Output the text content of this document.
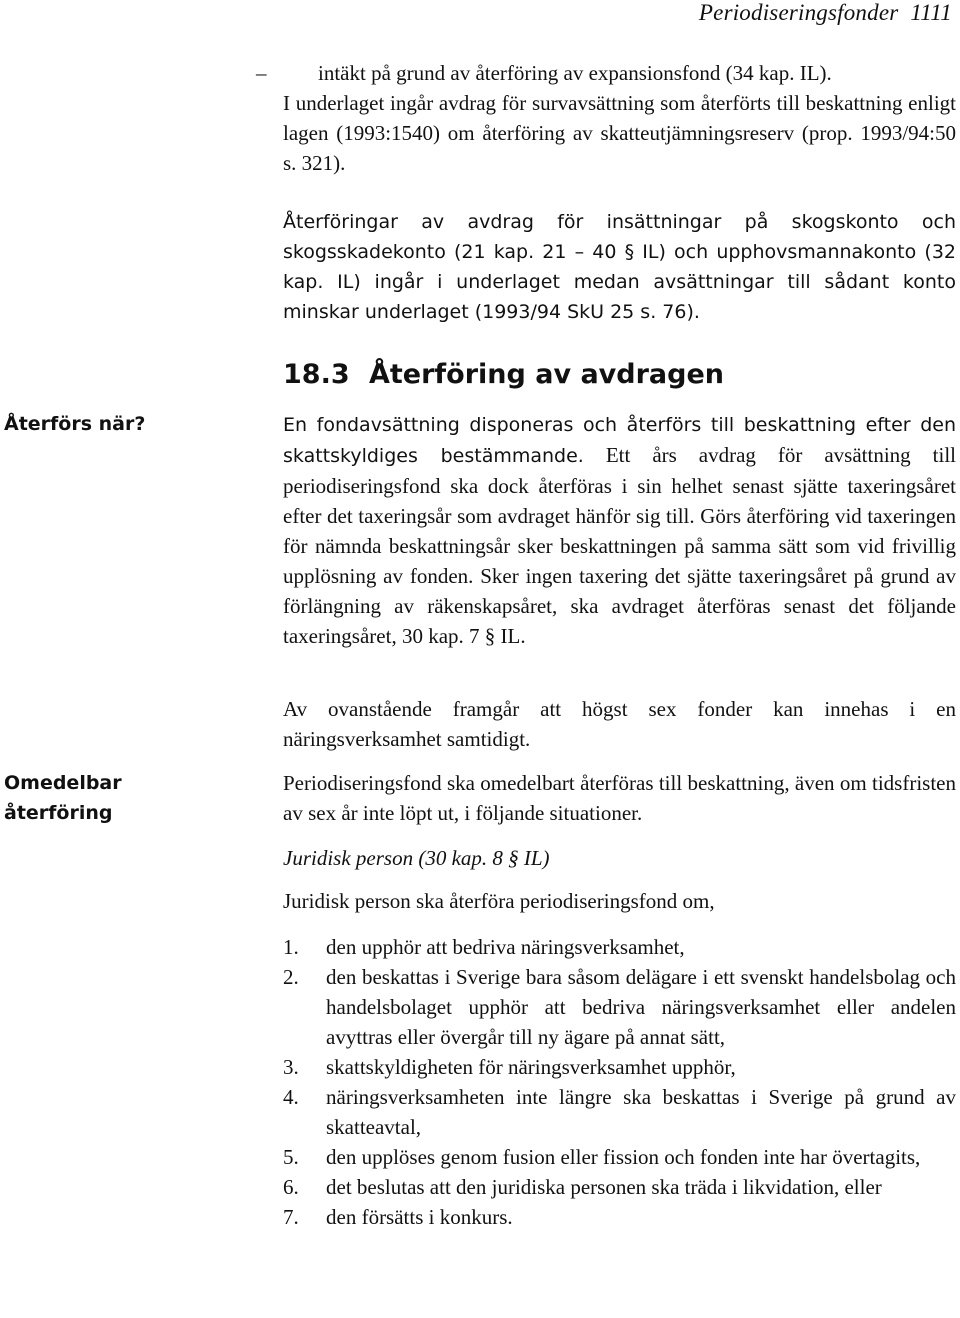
Periodiseringsfonder 1111
– intäkt på grund av återföring av expansionsfond (34 kap. IL).
I underlaget ingår avdrag för survavsättning som återförts till beskattning enligt lagen (1993:1540) om återföring av skatteutjämningsreserv (prop. 1993/94:50 s. 321).
Återföringar av avdrag för insättningar på skogskonto och skogsskadekonto (21 kap. 21 – 40 § IL) och upphovsmannakonto (32 kap. IL) ingår i underlaget medan avsättningar till sådant konto minskar underlaget (1993/94 SkU 25 s. 76).
18.3 Återföring av avdragen
Återförs när?	En fondavsättning disponeras och återförs till beskattning efter den skattskyldiges bestämmande. Ett års avdrag för avsättning till periodiseringsfond ska dock återföras i sin helhet senast sjätte taxeringsåret efter det taxeringsår som avdraget hänför sig till. Görs återföring vid taxeringen för nämnda beskattningsår sker beskattningen på samma sätt som vid frivillig upplösning av fonden. Sker ingen taxering det sjätte taxeringsåret på grund av förlängning av räkenskapsåret, ska avdraget återföras senast det följande taxeringsåret, 30 kap. 7 § IL.
Av ovanstående framgår att högst sex fonder kan innehas i en näringsverksamhet samtidigt.
Omedelbar
återföring
Periodiseringsfond ska omedelbart återföras till beskattning, även om tidsfristen av sex år inte löpt ut, i följande situationer.
Juridisk person (30 kap. 8 § IL)
Juridisk person ska återföra periodiseringsfond om,
1. den upphör att bedriva näringsverksamhet,
2. den beskattas i Sverige bara såsom delägare i ett svenskt handelsbolag och handelsbolaget upphör att bedriva näringsverksamhet eller andelen avyttras eller övergår till ny ägare på annat sätt,
3. skattskyldigheten för näringsverksamhet upphör,
4. näringsverksamheten inte längre ska beskattas i Sverige på grund av skatteavtal,
5. den upplöses genom fusion eller fission och fonden inte har övertagits,
6. det beslutas att den juridiska personen ska träda i likvidation, eller
7. den försätts i konkurs.
